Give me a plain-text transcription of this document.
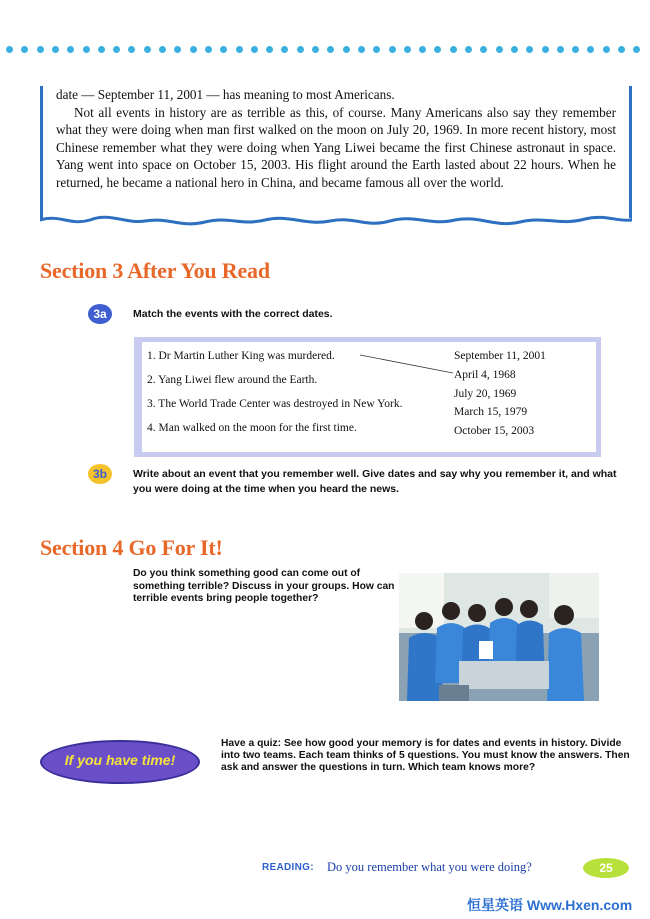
date — September 11, 2001 — has meaning to most Americans.

Not all events in history are as terrible as this, of course. Many Americans also say they remember what they were doing when man first walked on the moon on July 20, 1969. In more recent history, most Chinese remember what they were doing when Yang Liwei became the first Chinese astronaut in space. Yang went into space on October 15, 2003. His flight around the Earth lasted about 22 hours. When he returned, he became a national hero in China, and became famous all over the world.

Section 3 After You Read
3a	Match the events with the correct dates.
1. Dr Martin Luther King was murdered.
2. Yang Liwei flew around the Earth.
3. The World Trade Center was destroyed in New York.
4. Man walked on the moon for the first time.
September 11, 2001
April 4, 1968
July 20, 1969
March 15, 1979
October 15, 2003
3b	Write about an event that you remember well. Give dates and say why you remember it, and what you were doing at the time when you heard the news.
Section 4 Go For It!
Do you think something good can come out of something terrible? Discuss in your groups. How can terrible events bring people together?
If you have time!
Have a quiz: See how good your memory is for dates and events in history. Divide into two teams. Each team thinks of 5 questions. You must know the answers. Then ask and answer the questions in turn. Which team knows more?
READING: Do you remember what you were doing?	25
恒星英语 Www.Hxen.com
